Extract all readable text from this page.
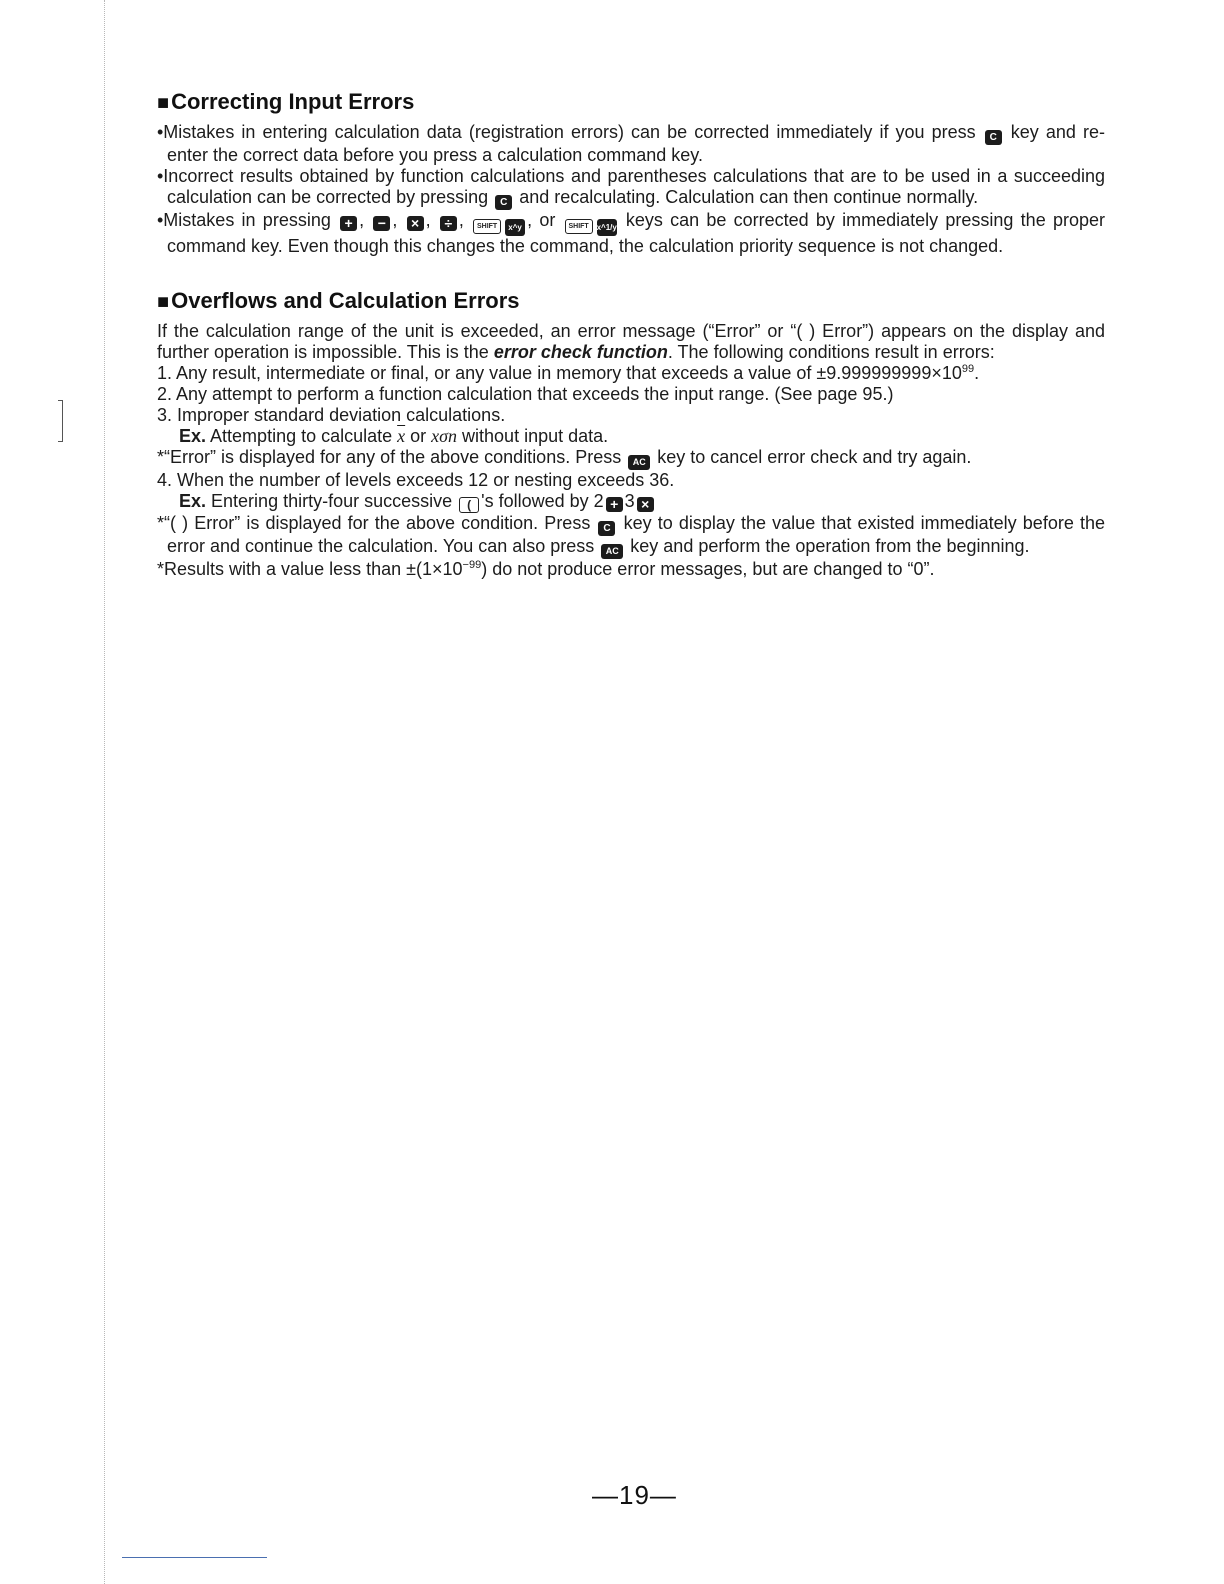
■Correcting Input Errors

•Mistakes in entering calculation data (registration errors) can be corrected immediately if you press C key and re-enter the correct data before you press a calculation command key.

•Incorrect results obtained by function calculations and parentheses calculations that are to be used in a succeeding calculation can be corrected by pressing C and recalculating. Calculation can then continue normally.

•Mistakes in pressing + , − , × , ÷ , SHIFT x^y , or SHIFT x^1/y keys can be corrected by immediately pressing the proper command key. Even though this changes the command, the calculation priority sequence is not changed.

■Overflows and Calculation Errors

If the calculation range of the unit is exceeded, an error message (“Error” or “( ) Error”) appears on the display and further operation is impossible. This is the error check function. The following conditions result in errors:

1. Any result, intermediate or final, or any value in memory that exceeds a value of $\pm 9.999999999\times 10^{99}$.

2. Any attempt to perform a function calculation that exceeds the input range. (See page 95.)

3. Improper standard deviation calculations.

Ex. Attempting to calculate $\overline{x}$ or xσn without input data.

*“Error” is displayed for any of the above conditions. Press AC key to cancel error check and try again.

4. When the number of levels exceeds 12 or nesting exceeds 36.

Ex. Entering thirty-four successive ( 's followed by 2 + 3 ×

*“( ) Error” is displayed for the above condition. Press C key to display the value that existed immediately before the error and continue the calculation. You can also press AC key and perform the operation from the beginning.

*Results with a value less than $\pm(1\times 10^{-99})$ do not produce error messages, but are changed to “0”.

—19—
